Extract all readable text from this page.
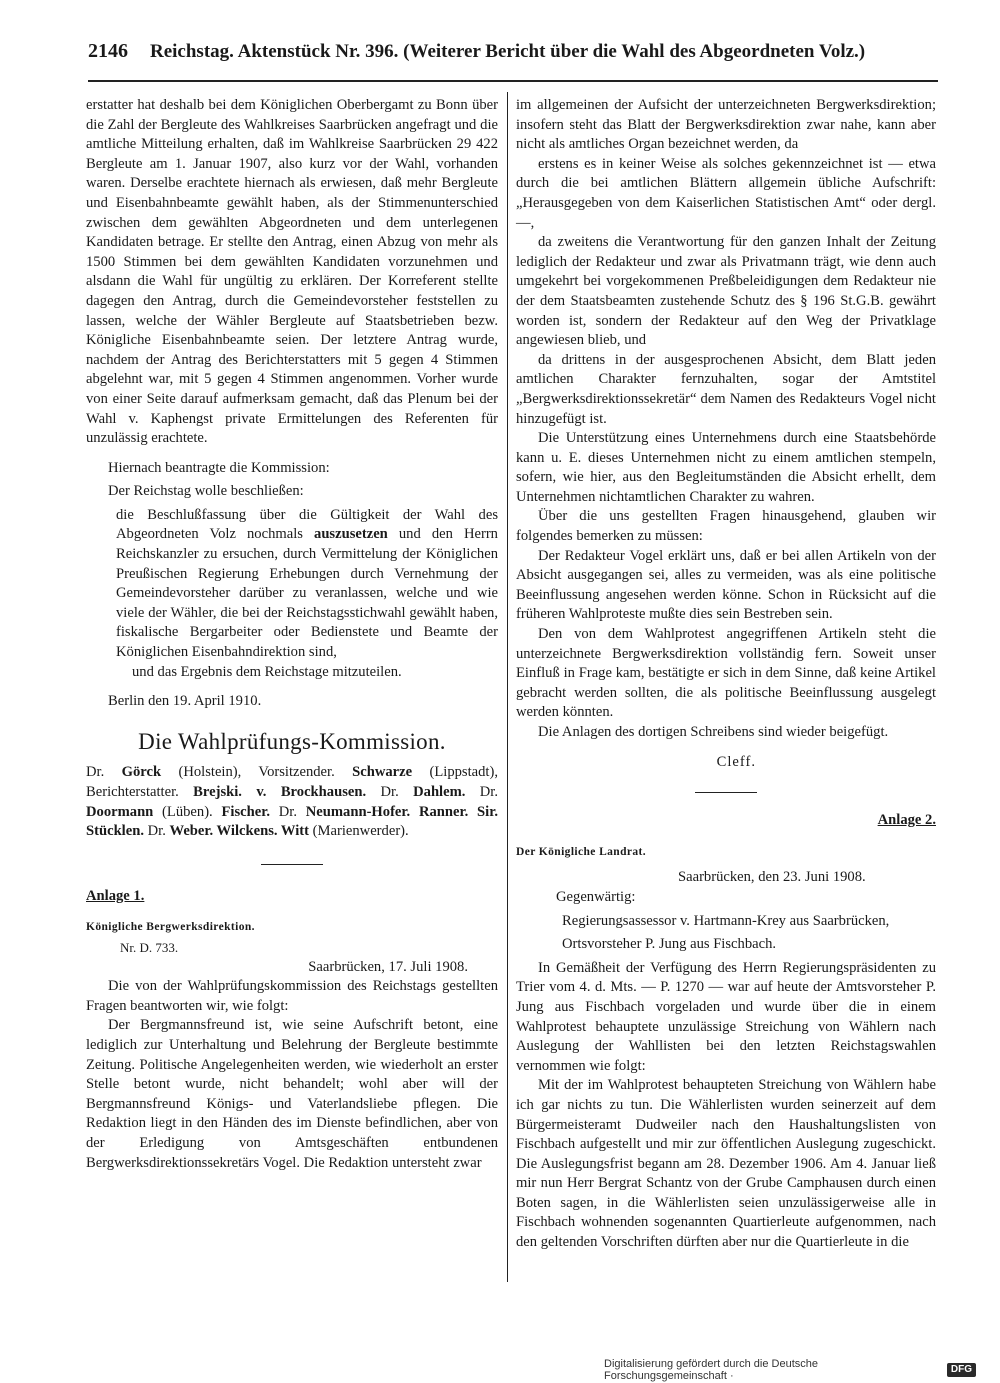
2146 Reichstag. Aktenstück Nr. 396. (Weiterer Bericht über die Wahl des Abgeordneten Volz.)

erstatter hat deshalb bei dem Königlichen Oberbergamt zu Bonn über die Zahl der Bergleute des Wahlkreises Saarbrücken angefragt und die amtliche Mitteilung erhalten, daß im Wahlkreise Saarbrücken 29 422 Bergleute am 1. Januar 1907, also kurz vor der Wahl, vorhanden waren. Derselbe erachtete hiernach als erwiesen, daß mehr Bergleute und Eisenbahnbeamte gewählt haben, als der Stimmenunterschied zwischen dem gewählten Abgeordneten und dem unterlegenen Kandidaten betrage. Er stellte den Antrag, einen Abzug von mehr als 1500 Stimmen bei dem gewählten Kandidaten vorzunehmen und alsdann die Wahl für ungültig zu erklären. Der Korreferent stellte dagegen den Antrag, durch die Gemeindevorsteher feststellen zu lassen, welche der Wähler Bergleute auf Staatsbetrieben bezw. Königliche Eisenbahnbeamte seien. Der letztere Antrag wurde, nachdem der Antrag des Berichterstatters mit 5 gegen 4 Stimmen abgelehnt war, mit 5 gegen 4 Stimmen angenommen. Vorher wurde von einer Seite darauf aufmerksam gemacht, daß das Plenum bei der Wahl v. Kaphengst private Ermittelungen des Referenten für unzulässig erachtete.

Hiernach beantragte die Kommission:

Der Reichstag wolle beschließen:

die Beschlußfassung über die Gültigkeit der Wahl des Abgeordneten Volz nochmals auszusetzen und den Herrn Reichskanzler zu ersuchen, durch Vermittelung der Königlichen Preußischen Regierung Erhebungen durch Vernehmung der Gemeindevorsteher darüber zu veranlassen, welche und wie viele der Wähler, die bei der Reichstagsstichwahl gewählt haben, fiskalische Bergarbeiter oder Bedienstete und Beamte der Königlichen Eisenbahndirektion sind,

und das Ergebnis dem Reichstage mitzuteilen.

Berlin den 19. April 1910.

Die Wahlprüfungs-Kommission.

Dr. Görck (Holstein), Vorsitzender. Schwarze (Lippstadt), Berichterstatter. Brejski. v. Brockhausen. Dr. Dahlem. Dr. Doormann (Lüben). Fischer. Dr. Neumann-Hofer. Ranner. Sir. Stücklen. Dr. Weber. Wilckens. Witt (Marienwerder).

Anlage 1.
Königliche Bergwerksdirektion.
Nr. D. 733.
Saarbrücken, 17. Juli 1908.

Die von der Wahlprüfungskommission des Reichstags gestellten Fragen beantworten wir, wie folgt:

Der Bergmannsfreund ist, wie seine Aufschrift betont, eine lediglich zur Unterhaltung und Belehrung der Bergleute bestimmte Zeitung. Politische Angelegenheiten werden, wie wiederholt an erster Stelle betont wurde, nicht behandelt; wohl aber will der Bergmannsfreund Königs- und Vaterlandsliebe pflegen. Die Redaktion liegt in den Händen des im Dienste befindlichen, aber von der Erledigung von Amtsgeschäften entbundenen Bergwerksdirektionssekretärs Vogel. Die Redaktion untersteht zwar

im allgemeinen der Aufsicht der unterzeichneten Bergwerksdirektion; insofern steht das Blatt der Bergwerksdirektion zwar nahe, kann aber nicht als amtliches Organ bezeichnet werden, da

erstens es in keiner Weise als solches gekennzeichnet ist — etwa durch die bei amtlichen Blättern allgemein übliche Aufschrift: „Herausgegeben von dem Kaiserlichen Statistischen Amt“ oder dergl. —,

da zweitens die Verantwortung für den ganzen Inhalt der Zeitung lediglich der Redakteur und zwar als Privatmann trägt, wie denn auch umgekehrt bei vorgekommenen Preßbeleidigungen dem Redakteur nie der dem Staatsbeamten zustehende Schutz des § 196 St.G.B. gewährt worden ist, sondern der Redakteur auf den Weg der Privatklage angewiesen blieb, und

da drittens in der ausgesprochenen Absicht, dem Blatt jeden amtlichen Charakter fernzuhalten, sogar der Amtstitel „Bergwerksdirektionssekretär“ dem Namen des Redakteurs Vogel nicht hinzugefügt ist.

Die Unterstützung eines Unternehmens durch eine Staatsbehörde kann u. E. dieses Unternehmen nicht zu einem amtlichen stempeln, sofern, wie hier, aus den Begleitumständen die Absicht erhellt, dem Unternehmen nichtamtlichen Charakter zu wahren.

Über die uns gestellten Fragen hinausgehend, glauben wir folgendes bemerken zu müssen:

Der Redakteur Vogel erklärt uns, daß er bei allen Artikeln von der Absicht ausgegangen sei, alles zu vermeiden, was als eine politische Beeinflussung angesehen werden könne. Schon in Rücksicht auf die früheren Wahlproteste mußte dies sein Bestreben sein.

Den von dem Wahlprotest angegriffenen Artikeln steht die unterzeichnete Bergwerksdirektion vollständig fern. Soweit unser Einfluß in Frage kam, bestätigte er sich in dem Sinne, daß keine Artikel gebracht werden sollten, die als politische Beeinflussung ausgelegt werden könnten.

Die Anlagen des dortigen Schreibens sind wieder beigefügt.

Cleff.
Anlage 2.
Der Königliche Landrat.
Saarbrücken, den 23. Juni 1908.
Gegenwärtig:
Regierungsassessor v. Hartmann-Krey aus Saarbrücken,
Ortsvorsteher P. Jung aus Fischbach.

In Gemäßheit der Verfügung des Herrn Regierungspräsidenten zu Trier vom 4. d. Mts. — P. 1270 — war auf heute der Amtsvorsteher P. Jung aus Fischbach vorgeladen und wurde über die in einem Wahlprotest behauptete unzulässige Streichung von Wählern nach Auslegung der Wahllisten bei den letzten Reichstagswahlen vernommen wie folgt:

Mit der im Wahlprotest behaupteten Streichung von Wählern habe ich gar nichts zu tun. Die Wählerlisten wurden seinerzeit auf dem Bürgermeisteramt Dudweiler nach den Haushaltungslisten von Fischbach aufgestellt und mir zur öffentlichen Auslegung zugeschickt. Die Auslegungsfrist begann am 28. Dezember 1906. Am 4. Januar ließ mir nun Herr Bergrat Schantz von der Grube Camphausen durch einen Boten sagen, in die Wählerlisten seien unzulässigerweise alle in Fischbach wohnenden sogenannten Quartierleute aufgenommen, nach den geltenden Vorschriften dürften aber nur die Quartierleute in die

Digitalisierung gefördert durch die Deutsche Forschungsgemeinschaft ·
DFG
